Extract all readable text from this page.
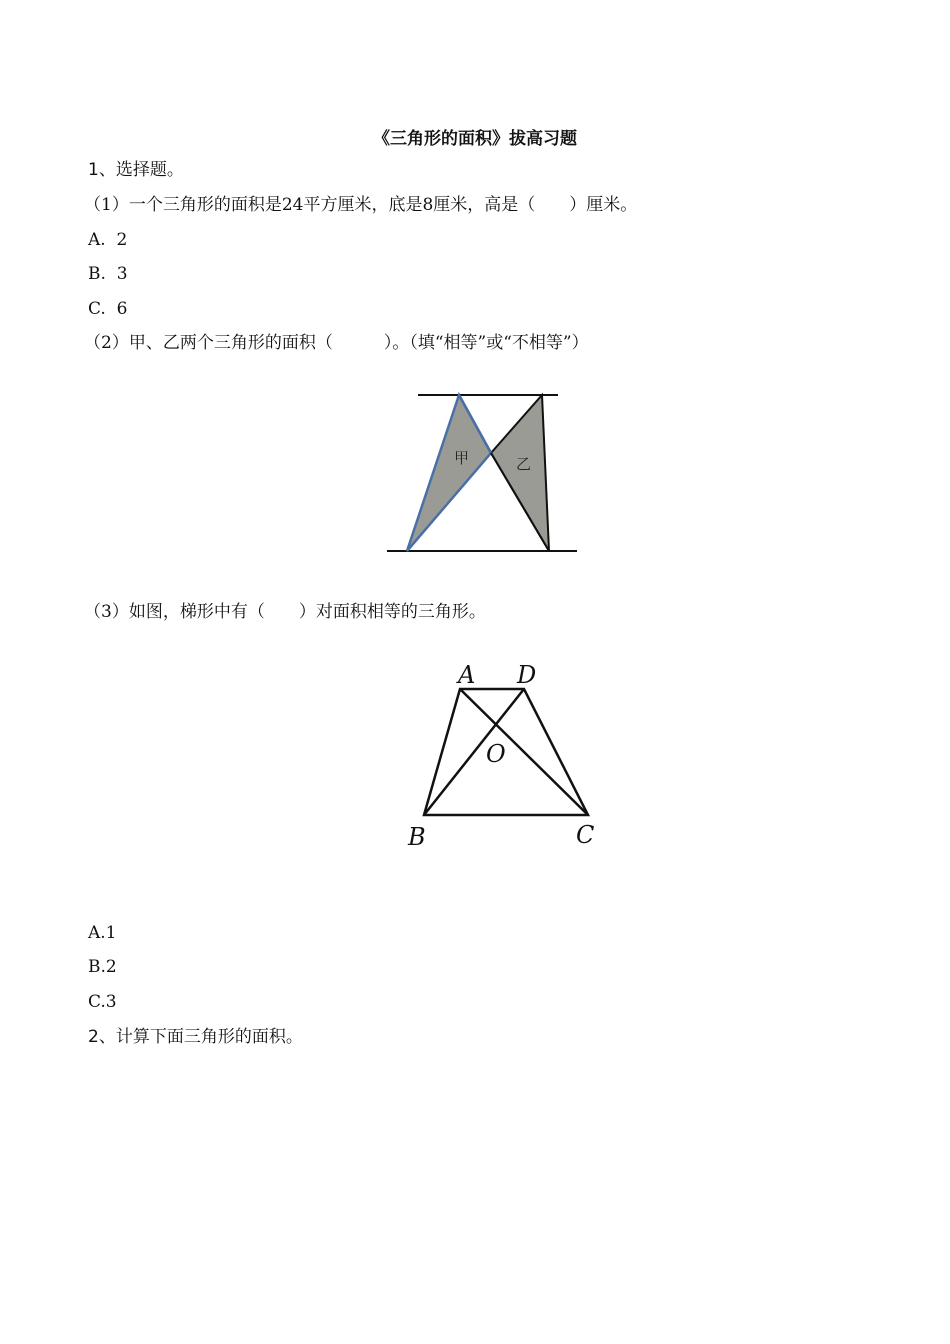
《三角形的面积》拔高习题
1、选择题。
（1）一个三角形的面积是24平方厘米，底是8厘米，高是（　　）厘米。
A.  2
B.  3
C.  6
（2）甲、乙两个三角形的面积（　　　）。（填“相等”或“不相等”）
甲	乙
（3）如图，梯形中有（　　）对面积相等的三角形。
A D
O
B	C
A.1
B.2
C.3
2、计算下面三角形的面积。
